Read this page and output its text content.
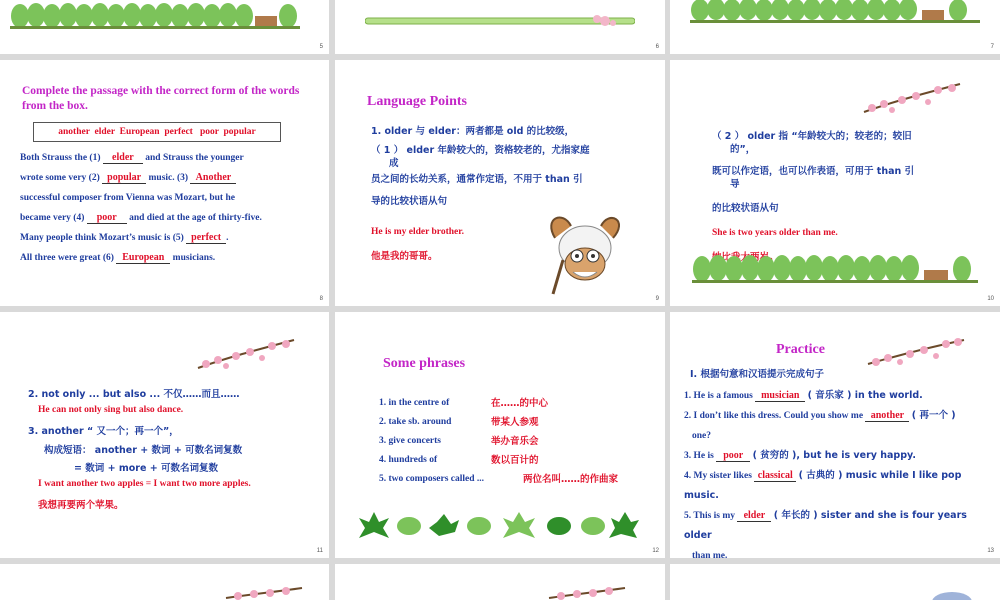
5	6	7
Complete the passage with the correct form of the words from the box.
another  elder  European  perfect   poor  popular
Both Strauss the (1) elder and Strauss the younger
wrote some very (2) popular music. (3) Another
successful composer from Vienna was Mozart, but he
became very (4) poor and died at the age of thirty-five.
Many people think Mozart’s music is (5) perfect .
All three were great (6) European musicians.
8
Language Points
1. older 与 elder：两者都是 old 的比较级，
（ 1 ） elder 年龄较大的，资格较老的，尤指家庭
成
员之间的长幼关系，通常作定语，不用于 than 引
导的比较状语从句
He is my elder brother.
他是我的哥哥。
9
（ 2 ） older 指 “年龄较大的；较老的；较旧
的”，
既可以作定语，也可以作表语，可用于 than 引
导
的比较状语从句
She is two years older than me.
10
2. not only ... but also ... 不仅……而且……
He can not only sing but also dance.
3. another “ 又一个；再一个”，
构成短语： another + 数词 + 可数名词复数
= 数词 + more + 可数名词复数
I want another two apples = I want two more apples.
我想再要两个苹果。
11
Some phrases
1. in the centre of	在……的中心
2. take sb. around	带某人参观
3. give concerts	举办音乐会
4. hundreds of	数以百计的
5. two composers called ...	两位名叫……的作曲家
12
Practice
I. 根据句意和汉语提示完成句子
1. He is a famous musician ( 音乐家 ) in the world.
2. I don’t like this dress. Could you show me another ( 再一个 )
one?
3. He is poor ( 贫穷的 ), but he is very happy.
4. My sister likes classical ( 古典的 ) music while I like pop music.
5. This is my elder ( 年长的 ) sister and she is four years older
than me.	13
